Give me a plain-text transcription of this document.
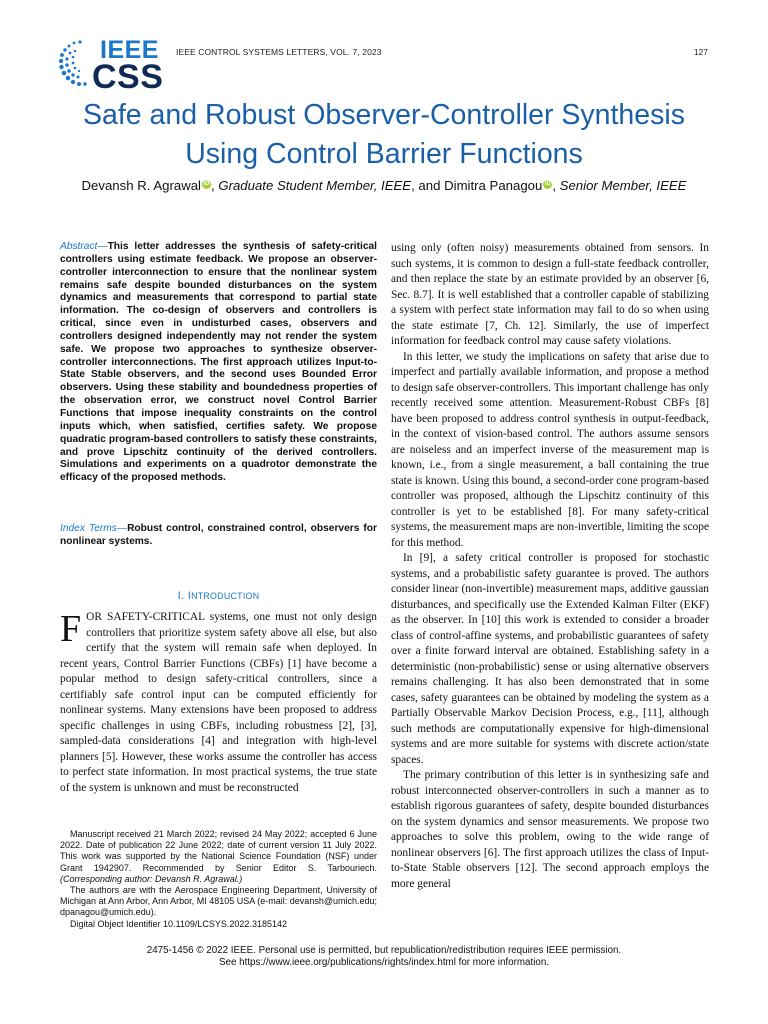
IEEE
CSS
IEEE CONTROL SYSTEMS LETTERS, VOL. 7, 2023	127
Safe and Robust Observer-Controller Synthesis
Using Control Barrier Functions
Devansh R. Agrawal iD , Graduate Student Member, IEEE, and Dimitra Panagou iD , Senior Member, IEEE
Abstract—This letter addresses the synthesis of safety-critical controllers using estimate feedback. We propose an observer-controller interconnection to ensure that the nonlinear system remains safe despite bounded disturbances on the system dynamics and measurements that correspond to partial state information. The co-design of observers and controllers is critical, since even in undisturbed cases, observers and controllers designed independently may not render the system safe. We propose two approaches to synthesize observer-controller interconnections. The first approach utilizes Input-to-State Stable observers, and the second uses Bounded Error observers. Using these stability and boundedness properties of the observation error, we construct novel Control Barrier Functions that impose inequality constraints on the control inputs which, when satisfied, certifies safety. We propose quadratic program-based controllers to satisfy these constraints, and prove Lipschitz continuity of the derived controllers. Simulations and experiments on a quadrotor demonstrate the efficacy of the proposed methods.
Index Terms—Robust control, constrained control, observers for nonlinear systems.
I. INTRODUCTION
FOR SAFETY-CRITICAL systems, one must not only design controllers that prioritize system safety above all else, but also certify that the system will remain safe when deployed. In recent years, Control Barrier Functions (CBFs) [1] have become a popular method to design safety-critical controllers, since a certifiably safe control input can be computed efficiently for nonlinear systems. Many extensions have been proposed to address specific challenges in using CBFs, including robustness [2], [3], sampled-data considerations [4] and integration with high-level planners [5]. However, these works assume the controller has access to perfect state information. In most practical systems, the true state of the system is unknown and must be reconstructed

Manuscript received 21 March 2022; revised 24 May 2022; accepted 6 June 2022. Date of publication 22 June 2022; date of current version 11 July 2022. This work was supported by the National Science Foundation (NSF) under Grant 1942907. Recommended by Senior Editor S. Tarbouriech. (Corresponding author: Devansh R. Agrawal.)

The authors are with the Aerospace Engineering Department, University of Michigan at Ann Arbor, Ann Arbor, MI 48105 USA (e-mail: devansh@umich.edu; dpanagou@umich.edu).

Digital Object Identifier 10.1109/LCSYS.2022.3185142

using only (often noisy) measurements obtained from sensors. In such systems, it is common to design a full-state feedback controller, and then replace the state by an estimate provided by an observer [6, Sec. 8.7]. It is well established that a controller capable of stabilizing a system with perfect state information may fail to do so when using the state estimate [7, Ch. 12]. Similarly, the use of imperfect information for feedback control may cause safety violations.

In this letter, we study the implications on safety that arise due to imperfect and partially available information, and propose a method to design safe observer-controllers. This important challenge has only recently received some attention. Measurement-Robust CBFs [8] have been proposed to address control synthesis in output-feedback, in the context of vision-based control. The authors assume sensors are noiseless and an imperfect inverse of the measurement map is known, i.e., from a single measurement, a ball containing the true state is known. Using this bound, a second-order cone program-based controller was proposed, although the Lipschitz continuity of this controller is yet to be established [8]. For many safety-critical systems, the measurement maps are non-invertible, limiting the scope for this method.

In [9], a safety critical controller is proposed for stochastic systems, and a probabilistic safety guarantee is proved. The authors consider linear (non-invertible) measurement maps, additive gaussian disturbances, and specifically use the Extended Kalman Filter (EKF) as the observer. In [10] this work is extended to consider a broader class of control-affine systems, and probabilistic guarantees of safety over a finite forward interval are obtained. Establishing safety in a deterministic (non-probabilistic) sense or using alternative observers remains challenging. It has also been demonstrated that in some cases, safety guarantees can be obtained by modeling the system as a Partially Observable Markov Decision Process, e.g., [11], although such methods are computationally expensive for high-dimensional systems and are more suitable for systems with discrete action/state spaces.

The primary contribution of this letter is in synthesizing safe and robust interconnected observer-controllers in such a manner as to establish rigorous guarantees of safety, despite bounded disturbances on the system dynamics and sensor measurements. We propose two approaches to solve this problem, owing to the wide range of nonlinear observers [6]. The first approach utilizes the class of Input-to-State Stable observers [12]. The second approach employs the more general

2475-1456 © 2022 IEEE. Personal use is permitted, but republication/redistribution requires IEEE permission.
See https://www.ieee.org/publications/rights/index.html for more information.
